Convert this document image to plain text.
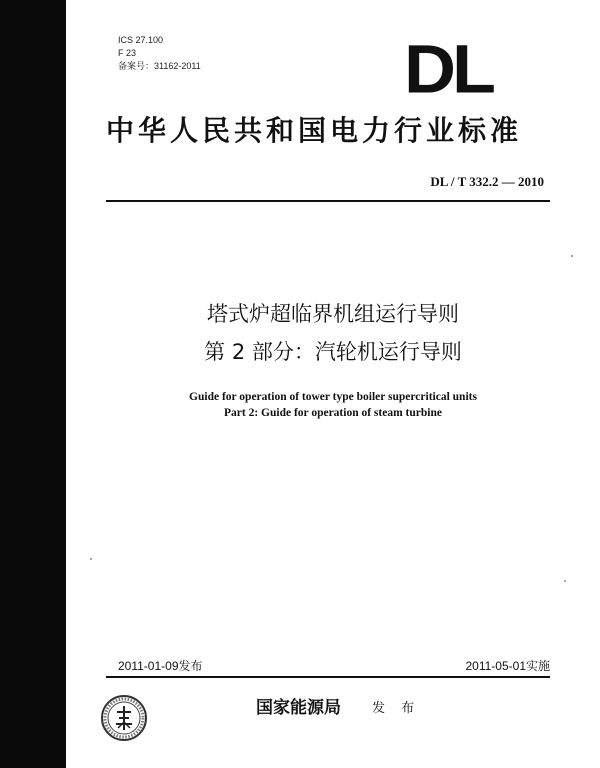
ICS 27.100
F 23
备案号：31162-2011	DL
中华人民共和国电力行业标准
DL / T 332.2 — 2010
塔式炉超临界机组运行导则
第 2 部分：汽轮机运行导则
Guide for operation of tower type boiler supercritical units
Part 2: Guide for operation of steam turbine
2011-01-09发布	2011-05-01实施
国家能源局 发 布
